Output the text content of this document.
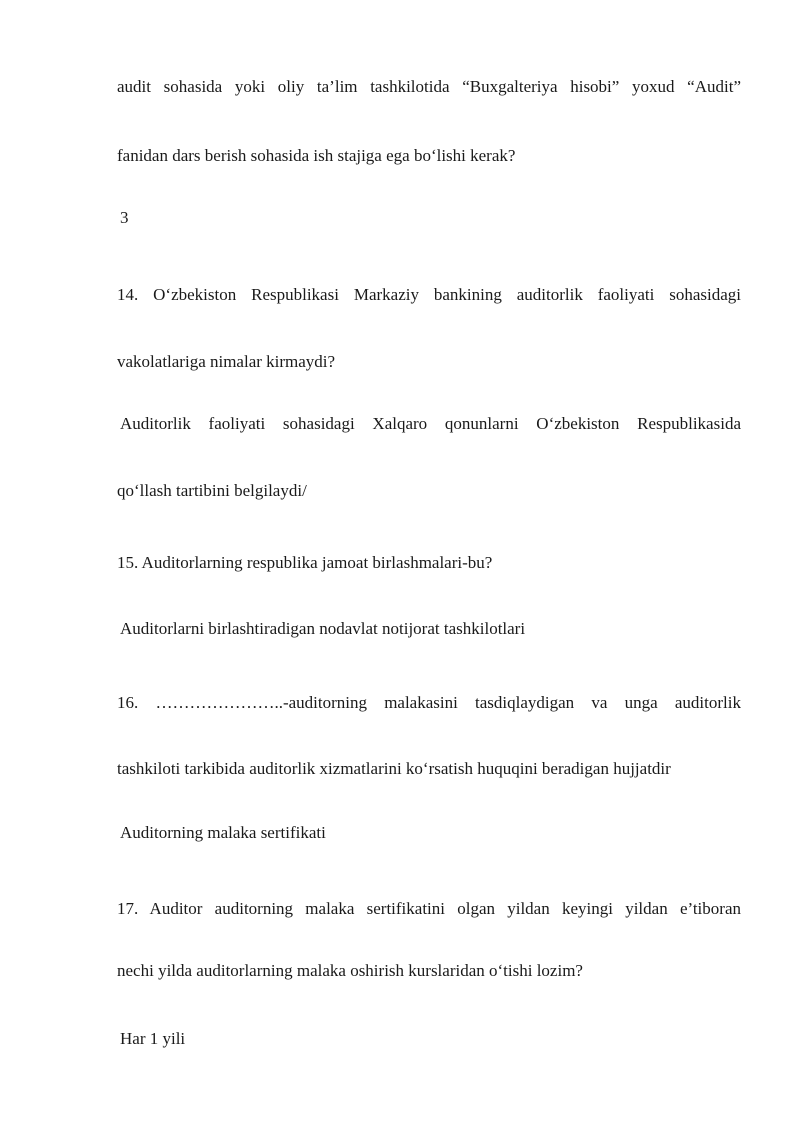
audit sohasida yoki oliy ta’lim tashkilotida “Buxgalteriya hisobi” yoxud “Audit”
fanidan dars berish sohasida ish stajiga ega bo‘lishi kerak?
3
14. O‘zbekiston Respublikasi Markaziy bankining auditorlik faoliyati sohasidagi
vakolatlariga nimalar kirmaydi?
Auditorlik faoliyati sohasidagi Xalqaro qonunlarni O‘zbekiston Respublikasida
qo‘llash tartibini belgilaydi/
15. Auditorlarning respublika jamoat birlashmalari-bu?
Auditorlarni birlashtiradigan nodavlat notijorat tashkilotlari
16. …………………..-auditorning malakasini tasdiqlaydigan va unga auditorlik
tashkiloti tarkibida auditorlik xizmatlarini ko‘rsatish huquqini beradigan hujjatdir
Auditorning malaka sertifikati
17. Auditor auditorning malaka sertifikatini olgan yildan keyingi yildan e’tiboran
nechi yilda auditorlarning malaka oshirish kurslaridan o‘tishi lozim?
Har 1 yili
